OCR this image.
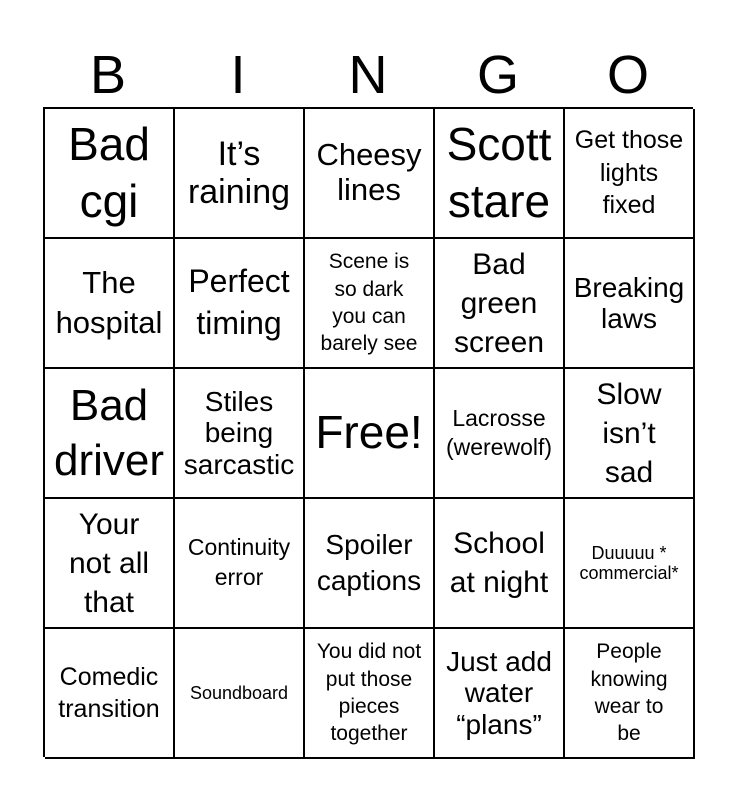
B	I	N	G	O
Bad
cgi
It’s
raining
Cheesy
lines
Scott
stare
Get those
lights
fixed
The
hospital
Perfect
timing
Scene is
so dark
you can
barely see
Bad
green
screen
Breaking
laws
Bad
driver
Stiles
being
sarcastic
Free! Lacrosse
(werewolf)
Slow
isn’t
sad
Your
not all
that
Continuity
error
Spoiler
captions
School
at night
Duuuuu *
commercial*
Comedic
transition
Soundboard
You did not
put those
pieces
together
Just add
water
“plans”
People
knowing
wear to
be
